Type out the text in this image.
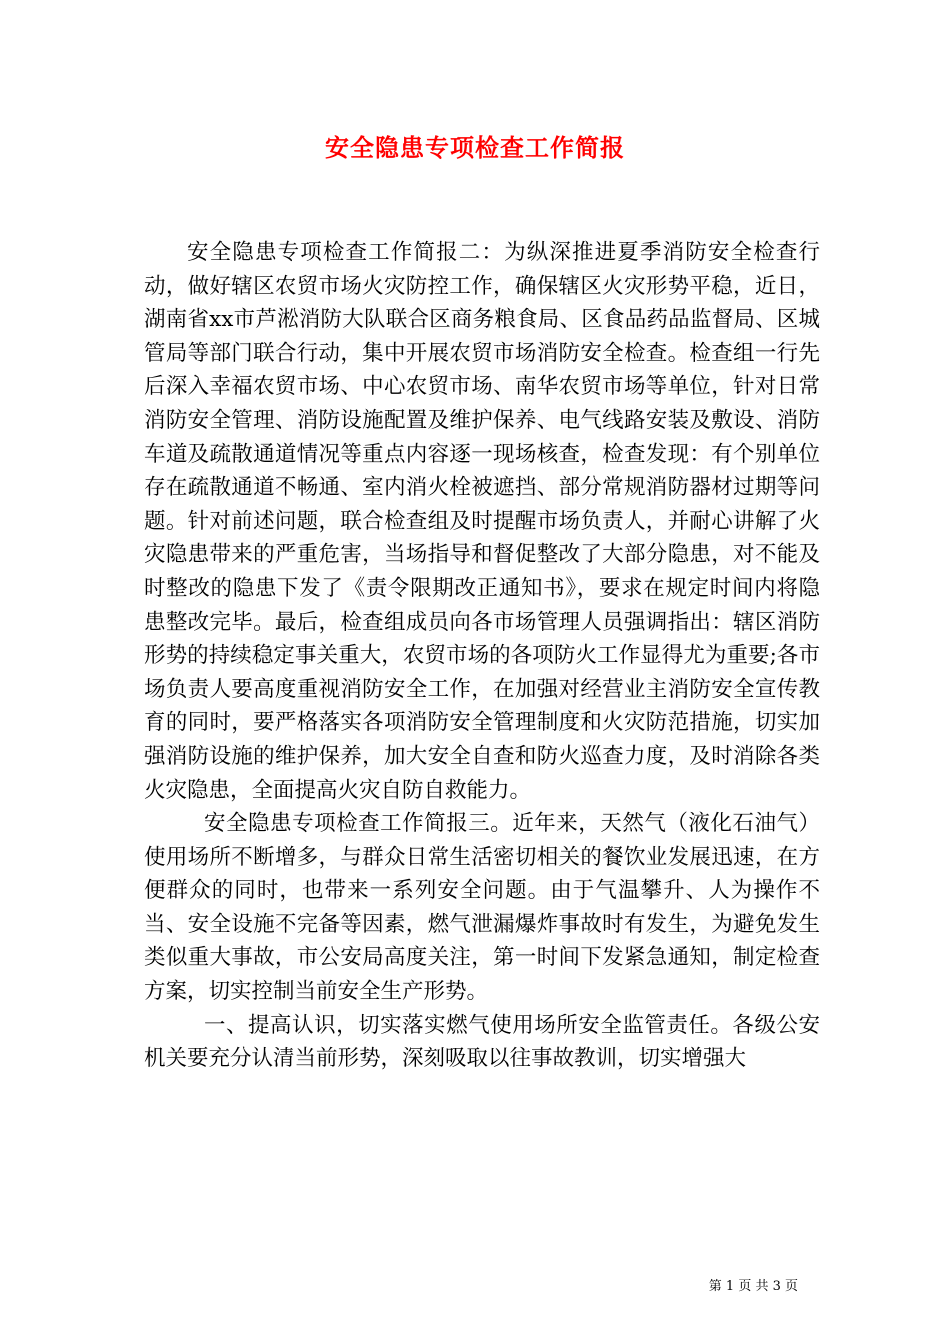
安全隐患专项检查工作简报

安全隐患专项检查工作简报二：为纵深推进夏季消防安全检查行动，做好辖区农贸市场火灾防控工作，确保辖区火灾形势平稳，近日，湖南省xx市芦淞消防大队联合区商务粮食局、区食品药品监督局、区城管局等部门联合行动，集中开展农贸市场消防安全检查。检查组一行先后深入幸福农贸市场、中心农贸市场、南华农贸市场等单位，针对日常消防安全管理、消防设施配置及维护保养、电气线路安装及敷设、消防车道及疏散通道情况等重点内容逐一现场核查，检查发现：有个别单位存在疏散通道不畅通、室内消火栓被遮挡、部分常规消防器材过期等问题。针对前述问题，联合检查组及时提醒市场负责人，并耐心讲解了火灾隐患带来的严重危害，当场指导和督促整改了大部分隐患，对不能及时整改的隐患下发了《责令限期改正通知书》，要求在规定时间内将隐患整改完毕。最后，检查组成员向各市场管理人员强调指出：辖区消防形势的持续稳定事关重大，农贸市场的各项防火工作显得尤为重要;各市场负责人要高度重视消防安全工作，在加强对经营业主消防安全宣传教育的同时，要严格落实各项消防安全管理制度和火灾防范措施，切实加强消防设施的维护保养，加大安全自查和防火巡查力度，及时消除各类火灾隐患，全面提高火灾自防自救能力。

安全隐患专项检查工作简报三。近年来，天然气（液化石油气）使用场所不断增多，与群众日常生活密切相关的餐饮业发展迅速，在方便群众的同时，也带来一系列安全问题。由于气温攀升、人为操作不当、安全设施不完备等因素，燃气泄漏爆炸事故时有发生，为避免发生类似重大事故，市公安局高度关注，第一时间下发紧急通知，制定检查方案，切实控制当前安全生产形势。

一、提高认识，切实落实燃气使用场所安全监管责任。各级公安机关要充分认清当前形势，深刻吸取以往事故教训，切实增强大

第 1 页 共 3 页
